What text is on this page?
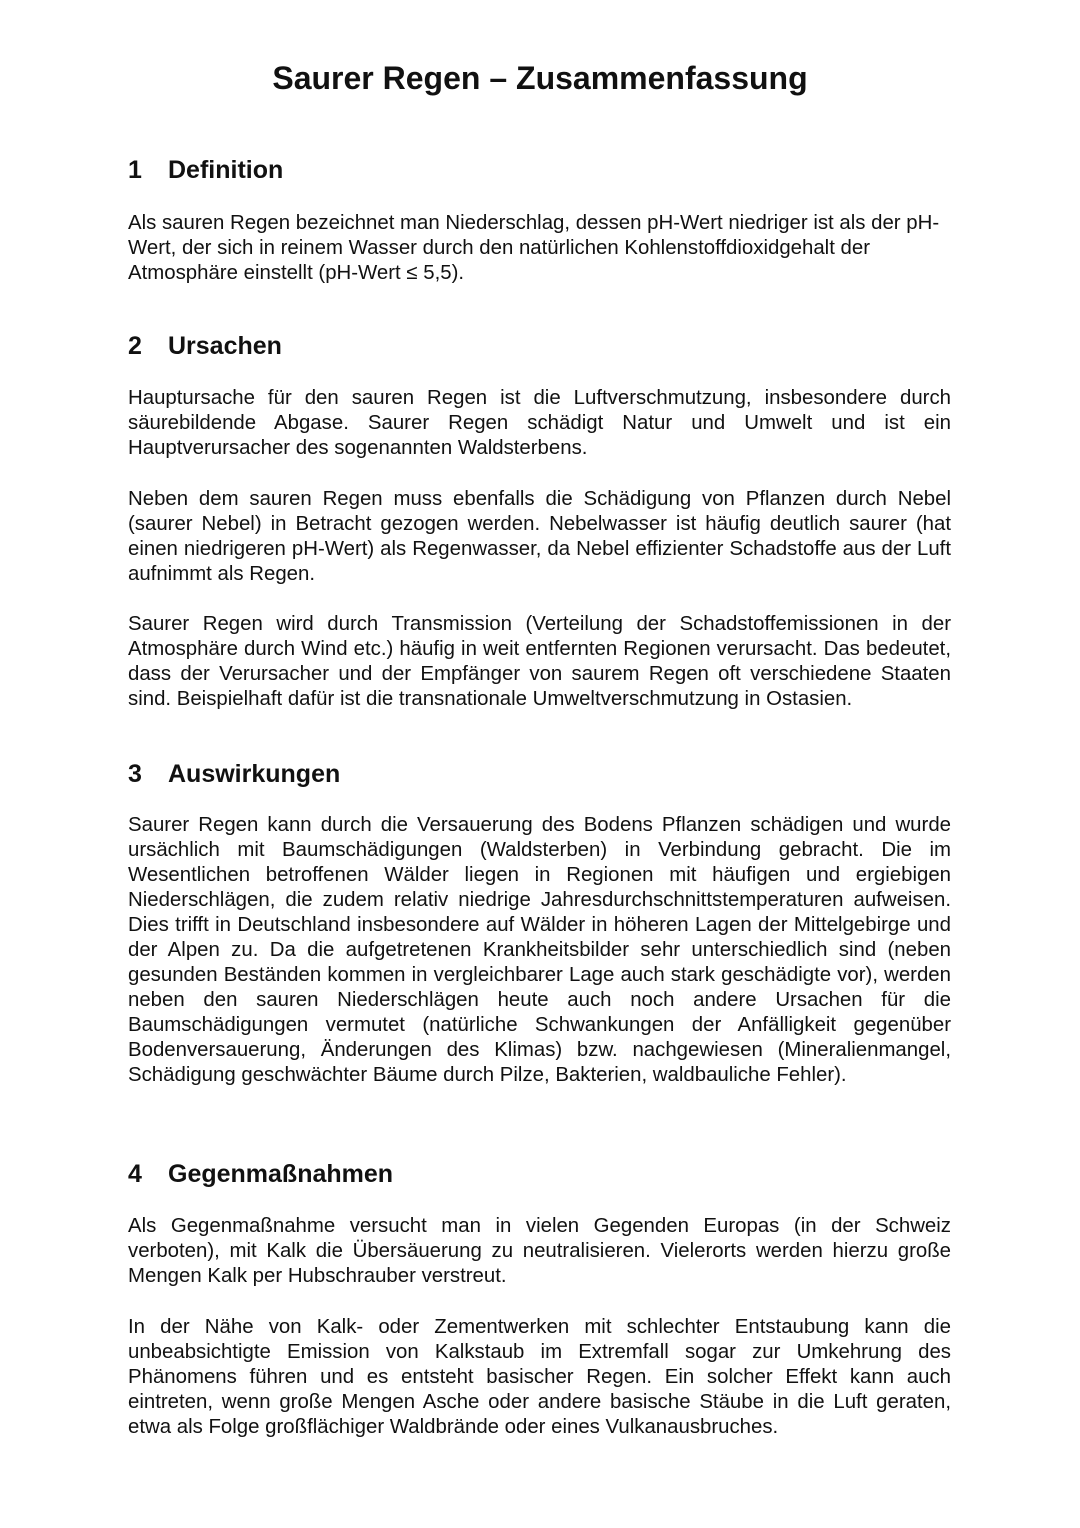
Saurer Regen – Zusammenfassung
1 Definition

Als sauren Regen bezeichnet man Niederschlag, dessen pH-Wert niedriger ist als der pH-Wert, der sich in reinem Wasser durch den natürlichen Kohlenstoffdioxidgehalt der Atmosphäre einstellt (pH-Wert ≤ 5,5).

2 Ursachen

Hauptursache für den sauren Regen ist die Luftverschmutzung, insbesondere durch säurebildende Abgase. Saurer Regen schädigt Natur und Umwelt und ist ein Hauptverursacher des sogenannten Waldsterbens.

Neben dem sauren Regen muss ebenfalls die Schädigung von Pflanzen durch Nebel (saurer Nebel) in Betracht gezogen werden. Nebelwasser ist häufig deutlich saurer (hat einen niedrigeren pH-Wert) als Regenwasser, da Nebel effizienter Schadstoffe aus der Luft aufnimmt als Regen.

Saurer Regen wird durch Transmission (Verteilung der Schadstoffemissionen in der Atmosphäre durch Wind etc.) häufig in weit entfernten Regionen verursacht. Das bedeutet, dass der Verursacher und der Empfänger von saurem Regen oft verschiedene Staaten sind. Beispielhaft dafür ist die transnationale Umweltverschmutzung in Ostasien.

3 Auswirkungen

Saurer Regen kann durch die Versauerung des Bodens Pflanzen schädigen und wurde ursächlich mit Baumschädigungen (Waldsterben) in Verbindung gebracht. Die im Wesentlichen betroffenen Wälder liegen in Regionen mit häufigen und ergiebigen Niederschlägen, die zudem relativ niedrige Jahresdurchschnittstemperaturen aufweisen. Dies trifft in Deutschland insbesondere auf Wälder in höheren Lagen der Mittelgebirge und der Alpen zu. Da die aufgetretenen Krankheitsbilder sehr unterschiedlich sind (neben gesunden Beständen kommen in vergleichbarer Lage auch stark geschädigte vor), werden neben den sauren Niederschlägen heute auch noch andere Ursachen für die Baumschädigungen vermutet (natürliche Schwankungen der Anfälligkeit gegenüber Bodenversauerung, Änderungen des Klimas) bzw. nachgewiesen (Mineralienmangel, Schädigung geschwächter Bäume durch Pilze, Bakterien, waldbauliche Fehler).

4 Gegenmaßnahmen

Als Gegenmaßnahme versucht man in vielen Gegenden Europas (in der Schweiz verboten), mit Kalk die Übersäuerung zu neutralisieren. Vielerorts werden hierzu große Mengen Kalk per Hubschrauber verstreut.

In der Nähe von Kalk- oder Zementwerken mit schlechter Entstaubung kann die unbeabsichtigte Emission von Kalkstaub im Extremfall sogar zur Umkehrung des Phänomens führen und es entsteht basischer Regen. Ein solcher Effekt kann auch eintreten, wenn große Mengen Asche oder andere basische Stäube in die Luft geraten, etwa als Folge großflächiger Waldbrände oder eines Vulkanausbruches.
